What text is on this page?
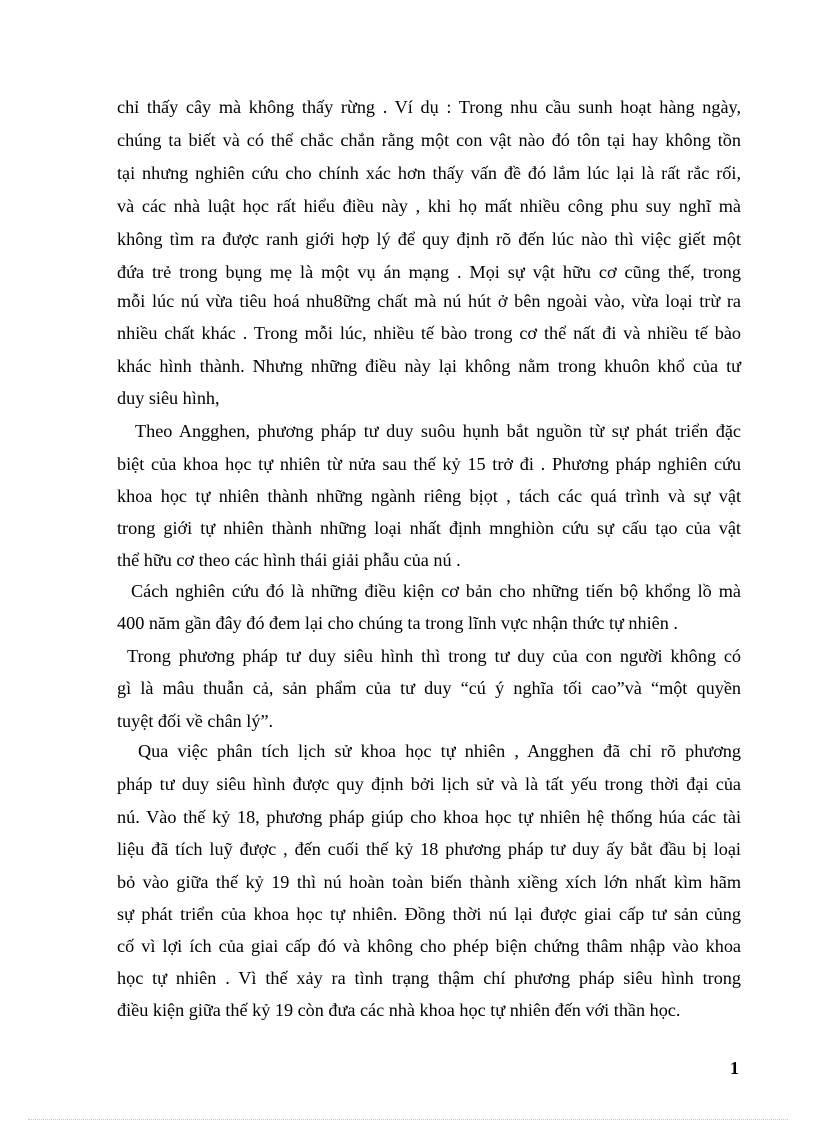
chỉ thấy cây mà không thấy rừng . Ví dụ : Trong nhu cầu sunh hoạt hàng ngày,
chúng ta biết và có thể chắc chắn rằng một con vật nào đó tôn tại hay không tồn
tại nhưng nghiên cứu cho chính xác hơn thấy vấn đề đó lắm lúc lại là rất rắc rối,
và các nhà luật học rất hiểu điều này , khi họ mất nhiều công phu suy nghĩ mà
không tìm ra được ranh giới hợp lý để quy định rõ đến lúc nào thì việc giết một
đứa trẻ trong bụng mẹ là một vụ án mạng . Mọi sự vật hữu cơ cũng thế, trong
mỗi lúc nú vừa tiêu hoá nhu8ững chất mà nú hút ở bên ngoài vào, vừa loại trừ ra
nhiều chất khác . Trong mỗi lúc, nhiều tế bào trong cơ thể nất đi và nhiều tế bào
khác hình thành. Nhưng những điều này lại không nằm trong khuôn khổ của tư
duy siêu hình,
Theo Angghen, phương pháp tư duy suôu hụnh bắt nguồn từ sự phát triển đặc
biệt của khoa học tự nhiên từ nửa sau thế kỷ 15 trở đi . Phương pháp nghiên cứu
khoa học tự nhiên thành những ngành riêng bịọt , tách các quá trình và sự vật
trong giới tự nhiên thành những loại nhất định mnghiòn cứu sự cấu tạo của vật
thể hữu cơ theo các hình thái giải phẫu của nú .
Cách nghiên cứu đó là những điều kiện cơ bản cho những tiến bộ khổng lồ mà
400 năm gần đây đó đem lại cho chúng ta trong lĩnh vực nhận thức tự nhiên .
Trong phương pháp tư duy siêu hình thì trong tư duy của con người không có
gì là mâu thuẫn cả, sản phẩm của tư duy “cú ý nghĩa tối cao”và “một quyền
tuyệt đối về chân lý”.
Qua việc phân tích lịch sử khoa học tự nhiên , Angghen đã chỉ rõ phương
pháp tư duy siêu hình được quy định bởi lịch sử và là tất yếu trong thời đại của
nú. Vào thế kỷ 18, phương pháp giúp cho khoa học tự nhiên hệ thống húa các tài
liệu đã tích luỹ được , đến cuối thế kỷ 18 phương pháp tư duy ấy bắt đầu bị loại
bỏ vào giữa thế kỷ 19 thì nú hoàn toàn biến thành xiềng xích lớn nhất kìm hãm
sự phát triển của khoa học tự nhiên. Đồng thời nú lại được giai cấp tư sản củng
cố vì lợi ích của giai cấp đó và không cho phép biện chứng thâm nhập vào khoa
học tự nhiên . Vì thế xảy ra tình trạng thậm chí phương pháp siêu hình trong
điều kiện giữa thế kỷ 19 còn đưa các nhà khoa học tự nhiên đến với thần học.
1
